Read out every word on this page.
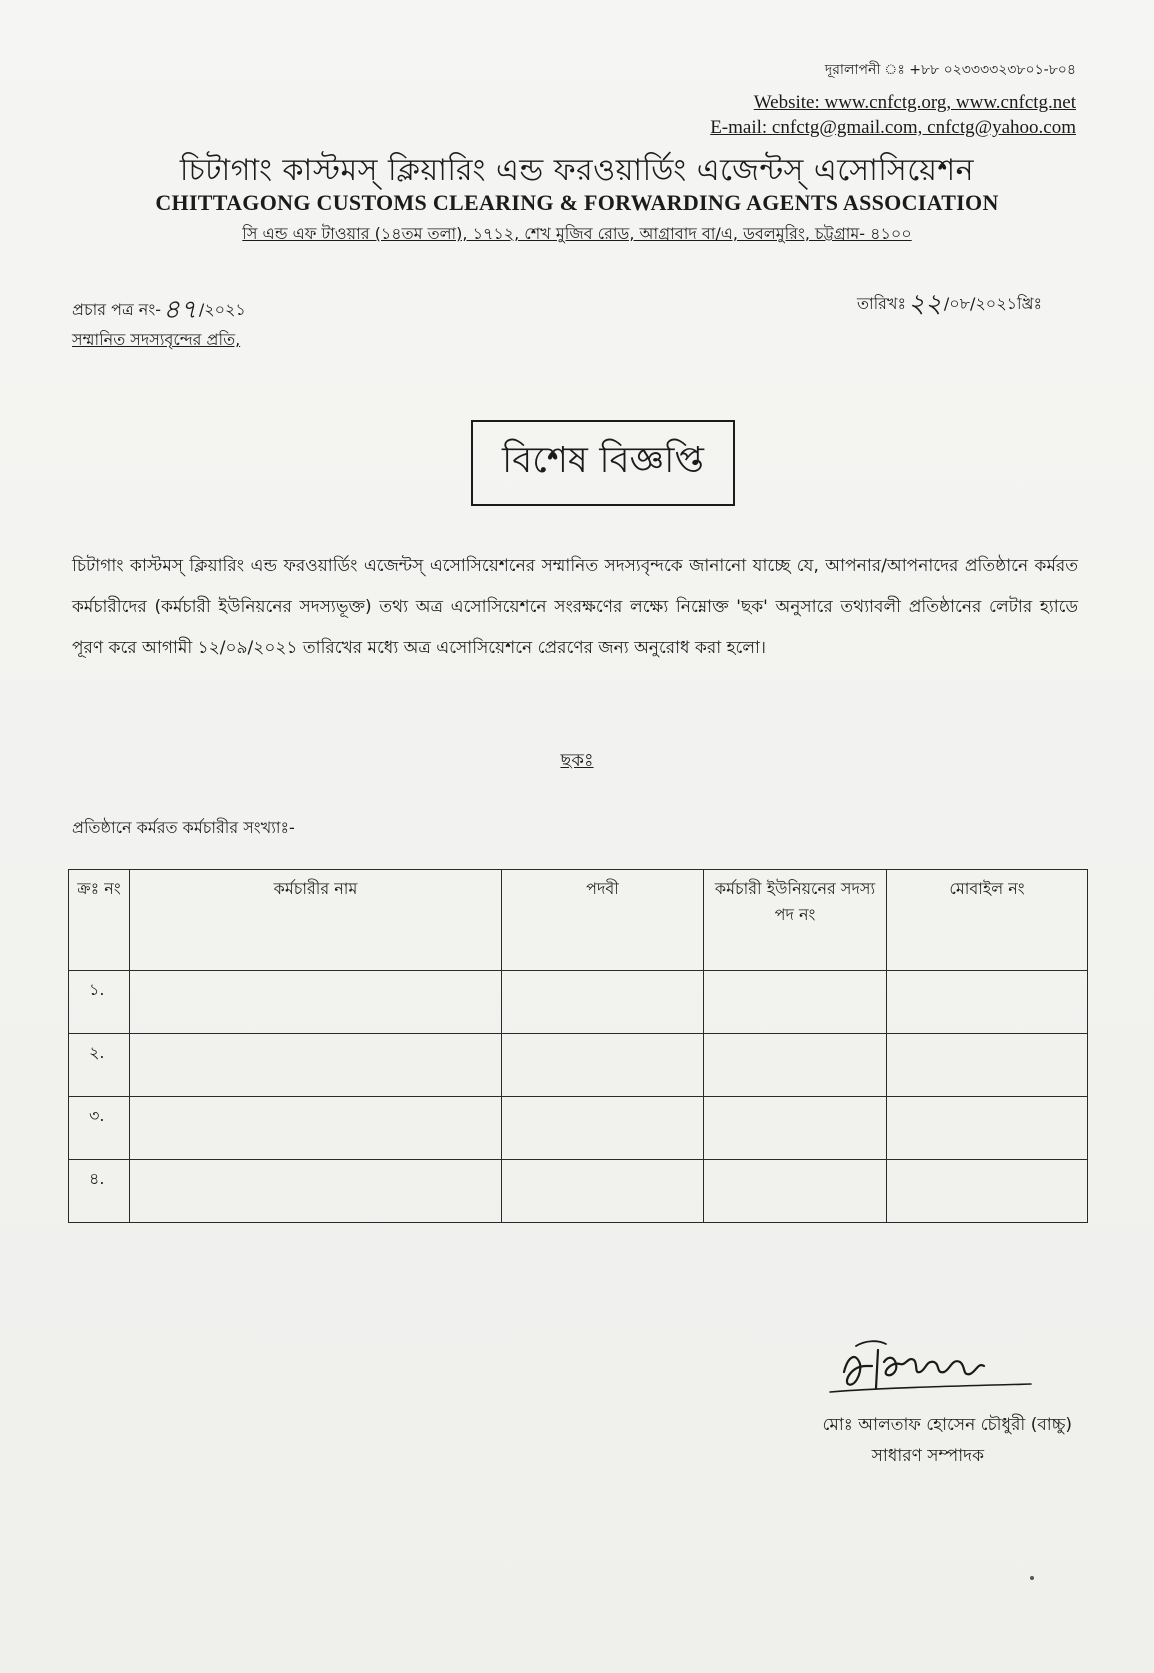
দূরালাপনী ঃ +৮৮ ০২৩৩৩৩২৩৮০১-৮০৪
Website: www.cnfctg.org, www.cnfctg.net
E-mail: cnfctg@gmail.com, cnfctg@yahoo.com
চিটাগাং কাস্টমস্ ক্লিয়ারিং এন্ড ফরওয়ার্ডিং এজেন্টস্ এসোসিয়েশন
CHITTAGONG CUSTOMS CLEARING & FORWARDING AGENTS ASSOCIATION
সি এন্ড এফ টাওয়ার (১৪তম তলা), ১৭১২, শেখ মুজিব রোড, আগ্রাবাদ বা/এ, ডবলমুরিং, চট্টগ্রাম- ৪১০০
প্রচার পত্র নং-৪৭ /২০২১	তারিখঃ২২ /০৮/২০২১খ্রিঃ
সম্মানিত সদস্যবৃন্দের প্রতি,
বিশেষ বিজ্ঞপ্তি
চিটাগাং কাস্টমস্ ক্লিয়ারিং এন্ড ফরওয়ার্ডিং এজেন্টস্ এসোসিয়েশনের সম্মানিত সদস্যবৃন্দকে জানানো যাচ্ছে যে, আপনার/আপনাদের প্রতিষ্ঠানে কর্মরত কর্মচারীদের (কর্মচারী ইউনিয়নের সদস্যভূক্ত) তথ্য অত্র এসোসিয়েশনে সংরক্ষণের লক্ষ্যে নিম্নোক্ত 'ছক' অনুসারে তথ্যাবলী প্রতিষ্ঠানের লেটার হ্যাডে পূরণ করে আগামী ১২/০৯/২০২১ তারিখের মধ্যে অত্র এসোসিয়েশনে প্রেরণের জন্য অনুরোধ করা হলো।
ছকঃ
প্রতিষ্ঠানে কর্মরত কর্মচারীর সংখ্যাঃ-
ক্রঃ নং	কর্মচারীর নাম	পদবী	কর্মচারী ইউনিয়নের সদস্য পদ নং	মোবাইল নং
১.				
২.				
৩.				
৪.				
মোঃ আলতাফ হোসেন চৌধুরী (বাচ্চু)
সাধারণ সম্পাদক
